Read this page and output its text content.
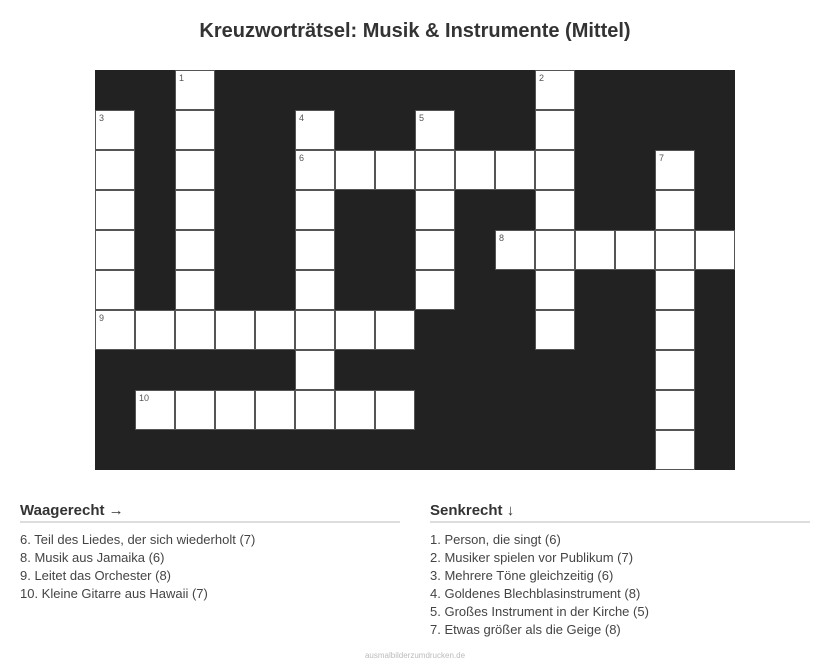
Kreuzworträtsel: Musik & Instrumente (Mittel)
1	2
3
9
4
6
5
7
8
10
Waagerecht →
6. Teil des Liedes, der sich wiederholt (7)
8. Musik aus Jamaika (6)
9. Leitet das Orchester (8)
10. Kleine Gitarre aus Hawaii (7)
Senkrecht ↓
1. Person, die singt (6)
2. Musiker spielen vor Publikum (7)
3. Mehrere Töne gleichzeitig (6)
4. Goldenes Blechblasinstrument (8)
5. Großes Instrument in der Kirche (5)
7. Etwas größer als die Geige (8)
ausmalbilderzumdrucken.de
